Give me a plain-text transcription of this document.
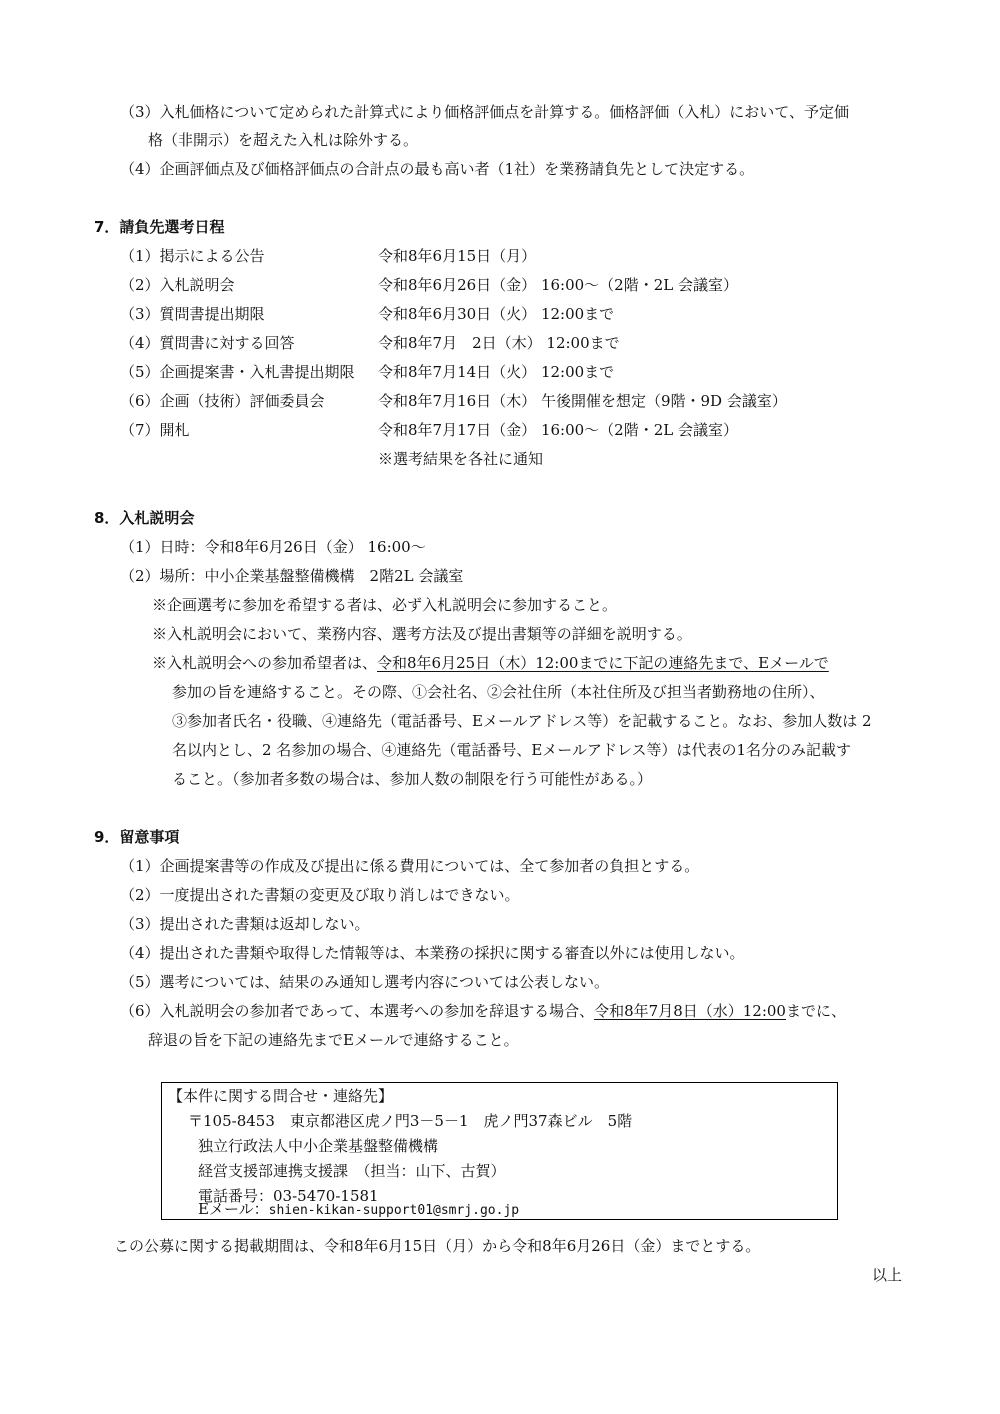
（3）入札価格について定められた計算式により価格評価点を計算する。価格評価（入札）において、予定価
格（非開示）を超えた入札は除外する。
（4）企画評価点及び価格評価点の合計点の最も高い者（1社）を業務請負先として決定する。
7．請負先選考日程
（1）掲示による公告	令和8年6月15日（月）
（2）入札説明会	令和8年6月26日（金） 16:00～（2階・2L 会議室）
（3）質問書提出期限	令和8年6月30日（火） 12:00まで
（4）質問書に対する回答	令和8年7月　2日（木） 12:00まで
（5）企画提案書・入札書提出期限 令和8年7月14日（火） 12:00まで
（6）企画（技術）評価委員会	令和8年7月16日（木） 午後開催を想定（9階・9D 会議室）
（7）開札	令和8年7月17日（金） 16:00～（2階・2L 会議室）
※選考結果を各社に通知
8．入札説明会
（1）日時：令和8年6月26日（金） 16:00～
（2）場所：中小企業基盤整備機構　2階2L 会議室
※企画選考に参加を希望する者は、必ず入札説明会に参加すること。
※入札説明会において、業務内容、選考方法及び提出書類等の詳細を説明する。
※入札説明会への参加希望者は、令和8年6月25日（木）12:00までに下記の連絡先まで、Eメールで
参加の旨を連絡すること。その際、①会社名、②会社住所（本社住所及び担当者勤務地の住所）、
③参加者氏名・役職、④連絡先（電話番号、Eメールアドレス等）を記載すること。なお、参加人数は 2
名以内とし、2 名参加の場合、④連絡先（電話番号、Eメールアドレス等）は代表の1名分のみ記載す
ること。（参加者多数の場合は、参加人数の制限を行う可能性がある。）
9．留意事項
（1）企画提案書等の作成及び提出に係る費用については、全て参加者の負担とする。
（2）一度提出された書類の変更及び取り消しはできない。
（3）提出された書類は返却しない。
（4）提出された書類や取得した情報等は、本業務の採択に関する審査以外には使用しない。
（5）選考については、結果のみ通知し選考内容については公表しない。
（6）入札説明会の参加者であって、本選考への参加を辞退する場合、令和8年7月8日（水）12:00までに、
辞退の旨を下記の連絡先までEメールで連絡すること。
【本件に関する問合せ・連絡先】
〒105-8453　東京都港区虎ノ門3－5－1　虎ノ門37森ビル　5階
独立行政法人中小企業基盤整備機構
経営支援部連携支援課　（担当：山下、古賀）
電話番号：03-5470-1581
Eメール：shien-kikan-support01@smrj.go.jp
この公募に関する掲載期間は、令和8年6月15日（月）から令和8年6月26日（金）までとする。
以上
